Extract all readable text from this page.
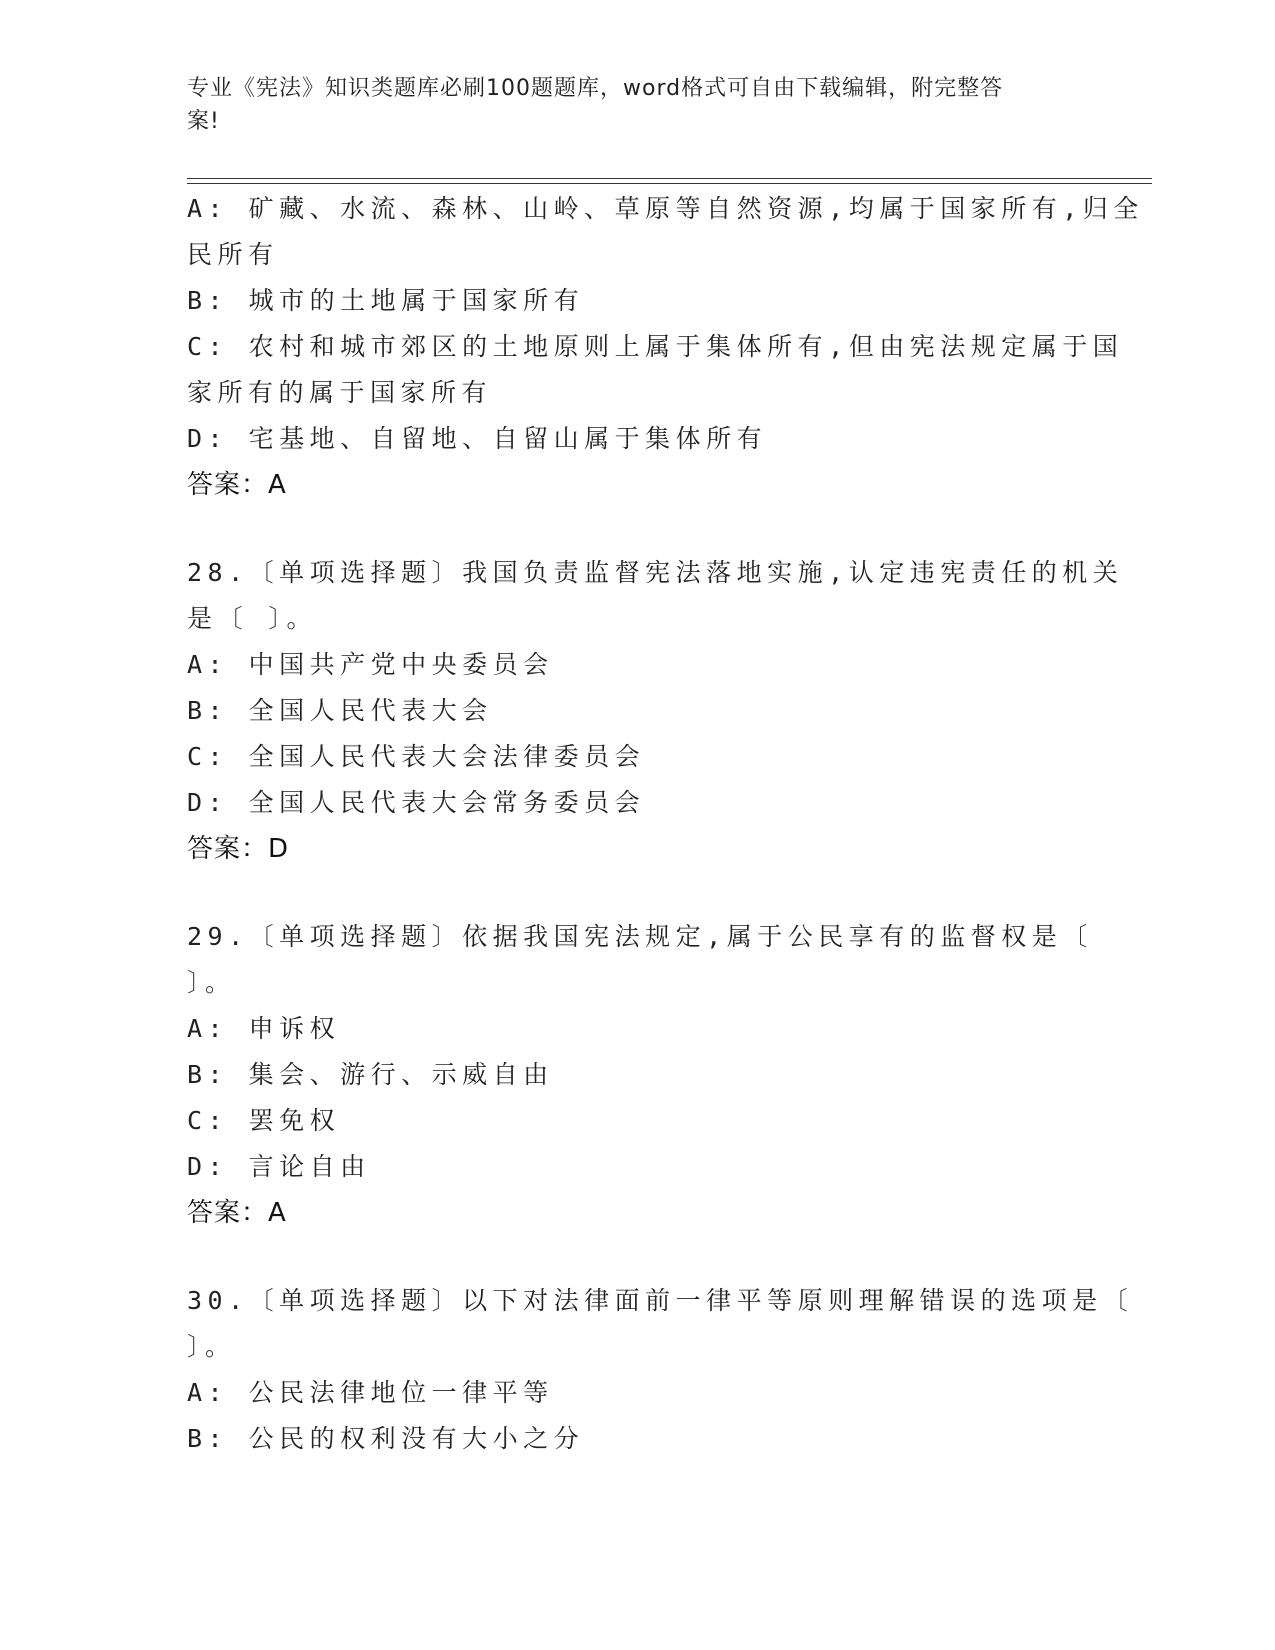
专业《宪法》知识类题库必刷100题题库，word格式可自由下载编辑，附完整答
案!
A: 矿藏、水流、森林、山岭、草原等自然资源,均属于国家所有,归全
民所有
B: 城市的土地属于国家所有
C: 农村和城市郊区的土地原则上属于集体所有,但由宪法规定属于国
家所有的属于国家所有
D: 宅基地、自留地、自留山属于集体所有
答案：A
28.〔单项选择题〕我国负责监督宪法落地实施,认定违宪责任的机关
是〔 〕。
A: 中国共产党中央委员会
B: 全国人民代表大会
C: 全国人民代表大会法律委员会
D: 全国人民代表大会常务委员会
答案：D
29.〔单项选择题〕依据我国宪法规定,属于公民享有的监督权是〔
〕。
A: 申诉权
B: 集会、游行、示威自由
C: 罢免权
D: 言论自由
答案：A
30.〔单项选择题〕以下对法律面前一律平等原则理解错误的选项是〔
〕。
A: 公民法律地位一律平等
B: 公民的权利没有大小之分
